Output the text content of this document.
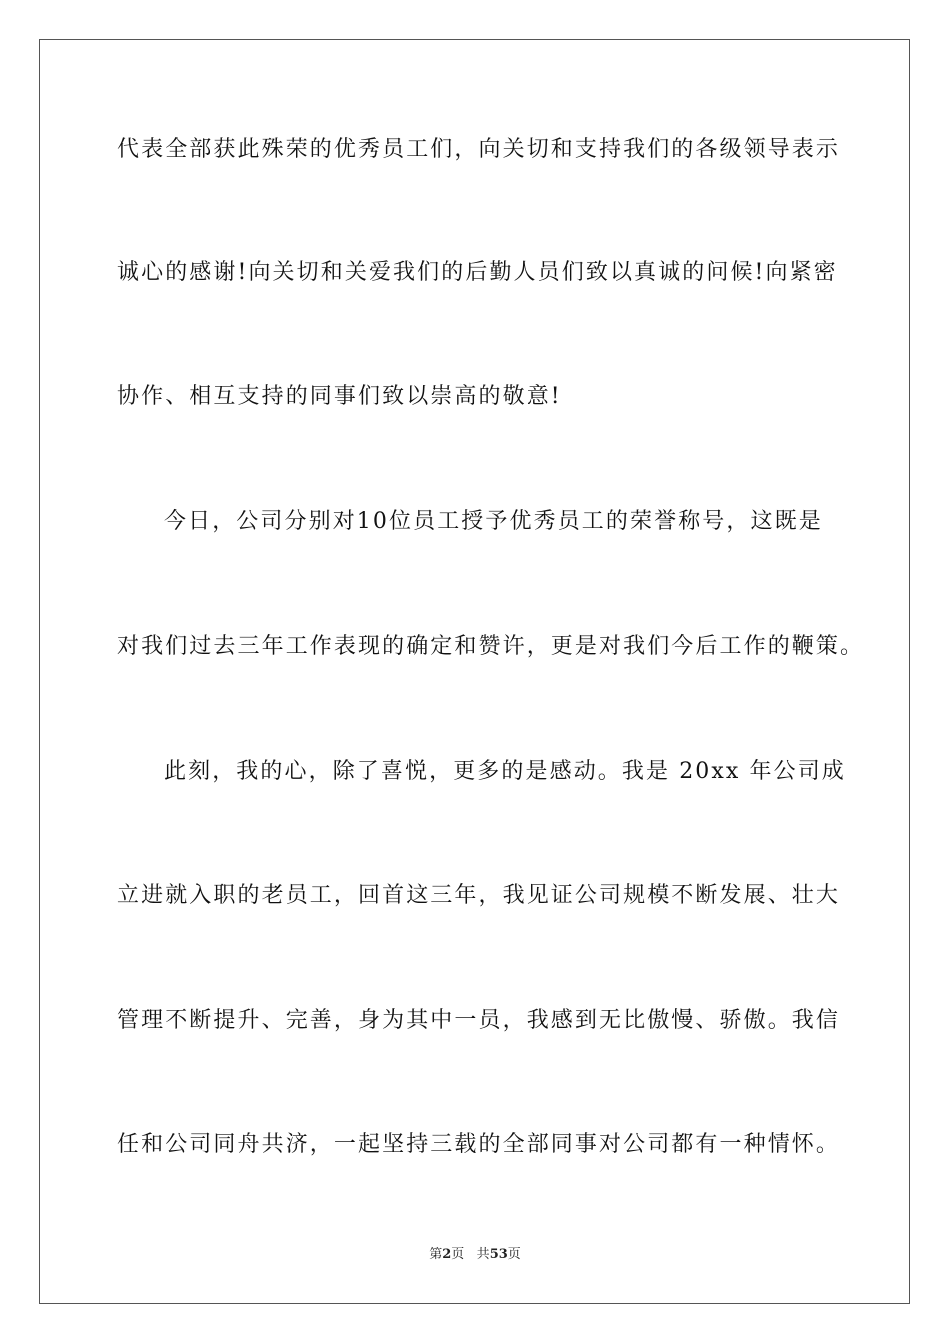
代表全部获此殊荣的优秀员工们，向关切和支持我们的各级领导表示
诚心的感谢!向关切和关爱我们的后勤人员们致以真诚的问候!向紧密
协作、相互支持的同事们致以崇高的敬意!
今日，公司分别对10位员工授予优秀员工的荣誉称号，这既是
对我们过去三年工作表现的确定和赞许，更是对我们今后工作的鞭策。
此刻，我的心，除了喜悦，更多的是感动。我是 20xx 年公司成
立进就入职的老员工，回首这三年，我见证公司规模不断发展、壮大
管理不断提升、完善，身为其中一员，我感到无比傲慢、骄傲。我信
任和公司同舟共济，一起坚持三载的全部同事对公司都有一种情怀。
第2页 共53页
